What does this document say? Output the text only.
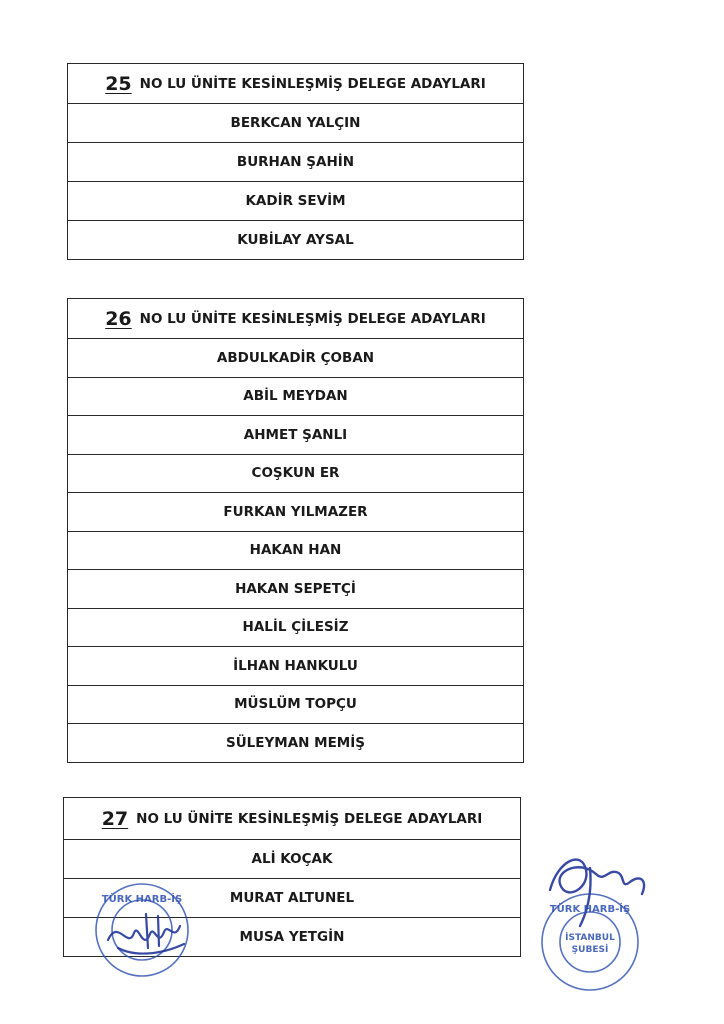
25 NO LU ÜNİTE KESİNLEŞMİŞ DELEGE ADAYLARI
BERKCAN YALÇIN
BURHAN ŞAHİN
KADİR SEVİM
KUBİLAY AYSAL
26 NO LU ÜNİTE KESİNLEŞMİŞ DELEGE ADAYLARI
ABDULKADİR ÇOBAN
ABİL MEYDAN
AHMET ŞANLI
COŞKUN ER
FURKAN YILMAZER
HAKAN HAN
HAKAN SEPETÇİ
HALİL ÇİLESİZ
İLHAN HANKULU
MÜSLÜM TOPÇU
SÜLEYMAN MEMİŞ
27 NO LU ÜNİTE KESİNLEŞMİŞ DELEGE ADAYLARI
ALİ KOÇAK
MURAT ALTUNEL
MUSA YETGİN
TÜRK HARB-İŞ
TÜRK HARB-İŞ
İSTANBUL
ŞUBESİ
